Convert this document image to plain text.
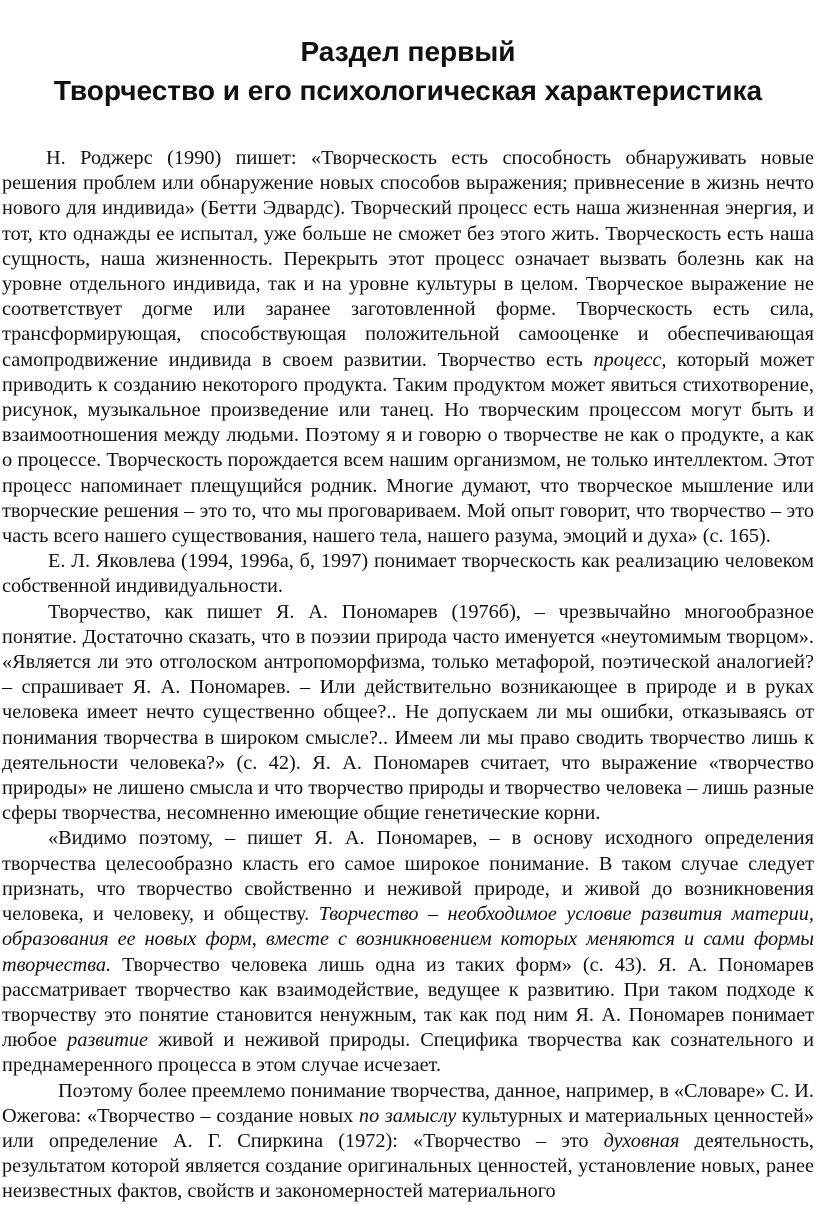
Раздел первый
Творчество и его психологическая характеристика

Н. Роджерс (1990) пишет: «Творческость есть способность обнаруживать новые решения проблем или обнаружение новых способов выражения; привнесение в жизнь нечто нового для индивида» (Бетти Эдвардс). Творческий процесс есть наша жизненная энергия, и тот, кто однажды ее испытал, уже больше не сможет без этого жить. Творческость есть наша сущность, наша жизненность. Перекрыть этот процесс означает вызвать болезнь как на уровне отдельного индивида, так и на уровне культуры в целом. Творческое выражение не соответствует догме или заранее заготовленной форме. Творческость есть сила, трансформирующая, способствующая положительной самооценке и обеспечивающая самопродвижение индивида в своем развитии. Творчество есть процесс, который может приводить к созданию некоторого продукта. Таким продуктом может явиться стихотворение, рисунок, музыкальное произведение или танец. Но творческим процессом могут быть и взаимоотношения между людьми. Поэтому я и говорю о творчестве не как о продукте, а как о процессе. Творческость порождается всем нашим организмом, не только интеллектом. Этот процесс напоминает плещущийся родник. Многие думают, что творческое мышление или творческие решения – это то, что мы проговариваем. Мой опыт говорит, что творчество – это часть всего нашего существования, нашего тела, нашего разума, эмоций и духа» (с. 165).

Е. Л. Яковлева (1994, 1996а, б, 1997) понимает творческость как реализацию человеком собственной индивидуальности.

Творчество, как пишет Я. А. Пономарев (1976б), – чрезвычайно многообразное понятие. Достаточно сказать, что в поэзии природа часто именуется «неутомимым творцом». «Является ли это отголоском антропоморфизма, только метафорой, поэтической аналогией? – спрашивает Я. А. Пономарев. – Или действительно возникающее в природе и в руках человека имеет нечто существенно общее?.. Не допускаем ли мы ошибки, отказываясь от понимания творчества в широком смысле?.. Имеем ли мы право сводить творчество лишь к деятельности человека?» (с. 42). Я. А. Пономарев считает, что выражение «творчество природы» не лишено смысла и что творчество природы и творчество человека – лишь разные сферы творчества, несомненно имеющие общие генетические корни.

«Видимо поэтому, – пишет Я. А. Пономарев, – в основу исходного определения творчества целесообразно класть его самое широкое понимание. В таком случае следует признать, что творчество свойственно и неживой природе, и живой до возникновения человека, и человеку, и обществу. Творчество – необходимое условие развития материи, образования ее новых форм, вместе с возникновением которых меняются и сами формы творчества. Творчество человека лишь одна из таких форм» (с. 43). Я. А. Пономарев рассматривает творчество как взаимодействие, ведущее к развитию. При таком подходе к творчеству это понятие становится ненужным, так как под ним Я. А. Пономарев понимает любое развитие живой и неживой природы. Специфика творчества как сознательного и преднамеренного процесса в этом случае исчезает.

Поэтому более преемлемо понимание творчества, данное, например, в «Словаре» С. И. Ожегова: «Творчество – создание новых по замыслу культурных и материальных ценностей» или определение А. Г. Спиркина (1972): «Творчество – это духовная деятельность, результатом которой является создание оригинальных ценностей, установление новых, ранее неизвестных фактов, свойств и закономерностей материального
